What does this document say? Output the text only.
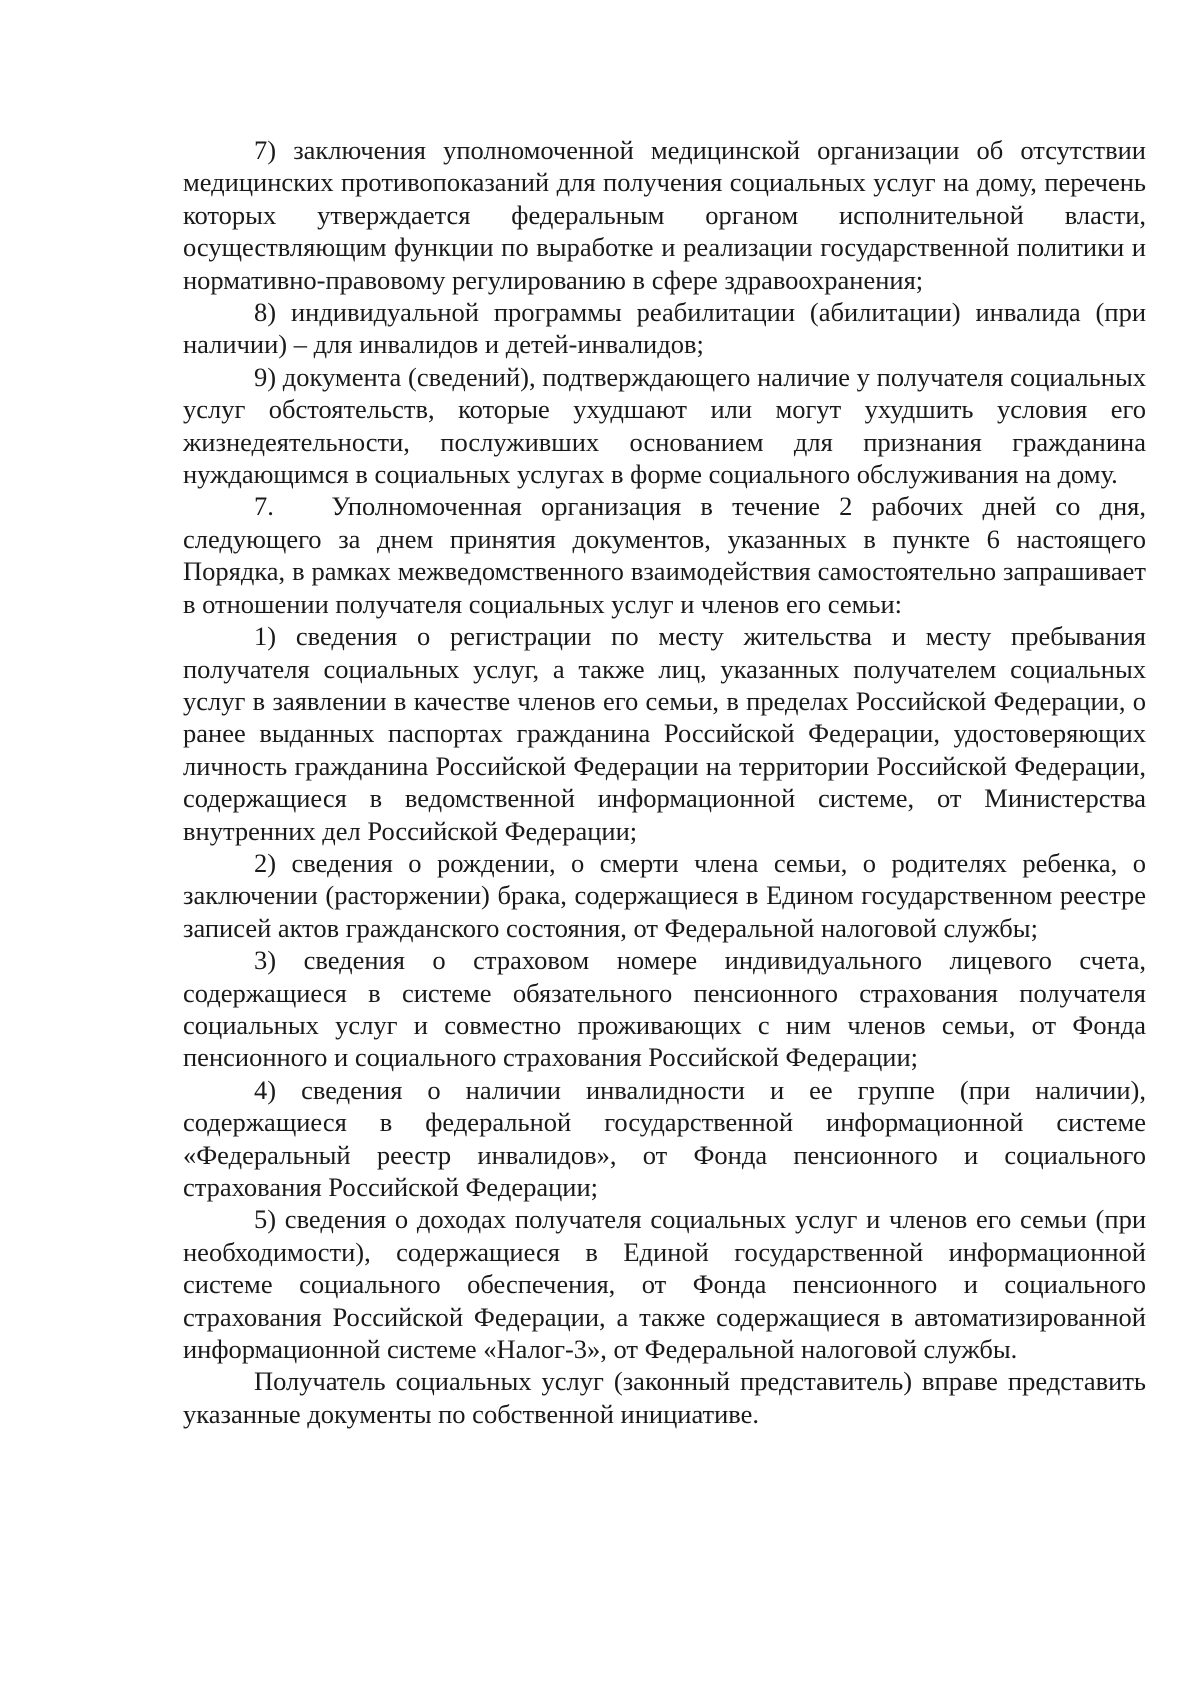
7) заключения уполномоченной медицинской организации об отсутствии медицинских противопоказаний для получения социальных услуг на дому, перечень которых утверждается федеральным органом исполнительной власти, осуществляющим функции по выработке и реализации государственной политики и нормативно-правовому регулированию в сфере здравоохранения;

8) индивидуальной программы реабилитации (абилитации) инвалида (при наличии) – для инвалидов и детей-инвалидов;

9) документа (сведений), подтверждающего наличие у получателя социальных услуг обстоятельств, которые ухудшают или могут ухудшить условия его жизнедеятельности, послуживших основанием для признания гражданина нуждающимся в социальных услугах в форме социального обслуживания на дому.

7.   Уполномоченная организация в течение 2 рабочих дней со дня, следующего за днем принятия документов, указанных в пункте 6 настоящего Порядка, в рамках межведомственного взаимодействия самостоятельно запрашивает в отношении получателя социальных услуг и членов его семьи:

1) сведения о регистрации по месту жительства и месту пребывания получателя социальных услуг, а также лиц, указанных получателем социальных услуг в заявлении в качестве членов его семьи, в пределах Российской Федерации, о ранее выданных паспортах гражданина Российской Федерации, удостоверяющих личность гражданина Российской Федерации на территории Российской Федерации, содержащиеся в ведомственной информационной системе, от Министерства внутренних дел Российской Федерации;

2) сведения о рождении, о смерти члена семьи, о родителях ребенка, о заключении (расторжении) брака, содержащиеся в Едином государственном реестре записей актов гражданского состояния, от Федеральной налоговой службы;

3) сведения о страховом номере индивидуального лицевого счета, содержащиеся в системе обязательного пенсионного страхования получателя социальных услуг и совместно проживающих с ним членов семьи, от Фонда пенсионного и социального страхования Российской Федерации;

4) сведения о наличии инвалидности и ее группе (при наличии), содержащиеся в федеральной государственной информационной системе «Федеральный реестр инвалидов», от Фонда пенсионного и социального страхования Российской Федерации;

5) сведения о доходах получателя социальных услуг и членов его семьи (при необходимости), содержащиеся в Единой государственной информационной системе социального обеспечения, от Фонда пенсионного и социального страхования Российской Федерации, а также содержащиеся в автоматизированной информационной системе «Налог-3», от Федеральной налоговой службы.

Получатель социальных услуг (законный представитель) вправе представить указанные документы по собственной инициативе.
